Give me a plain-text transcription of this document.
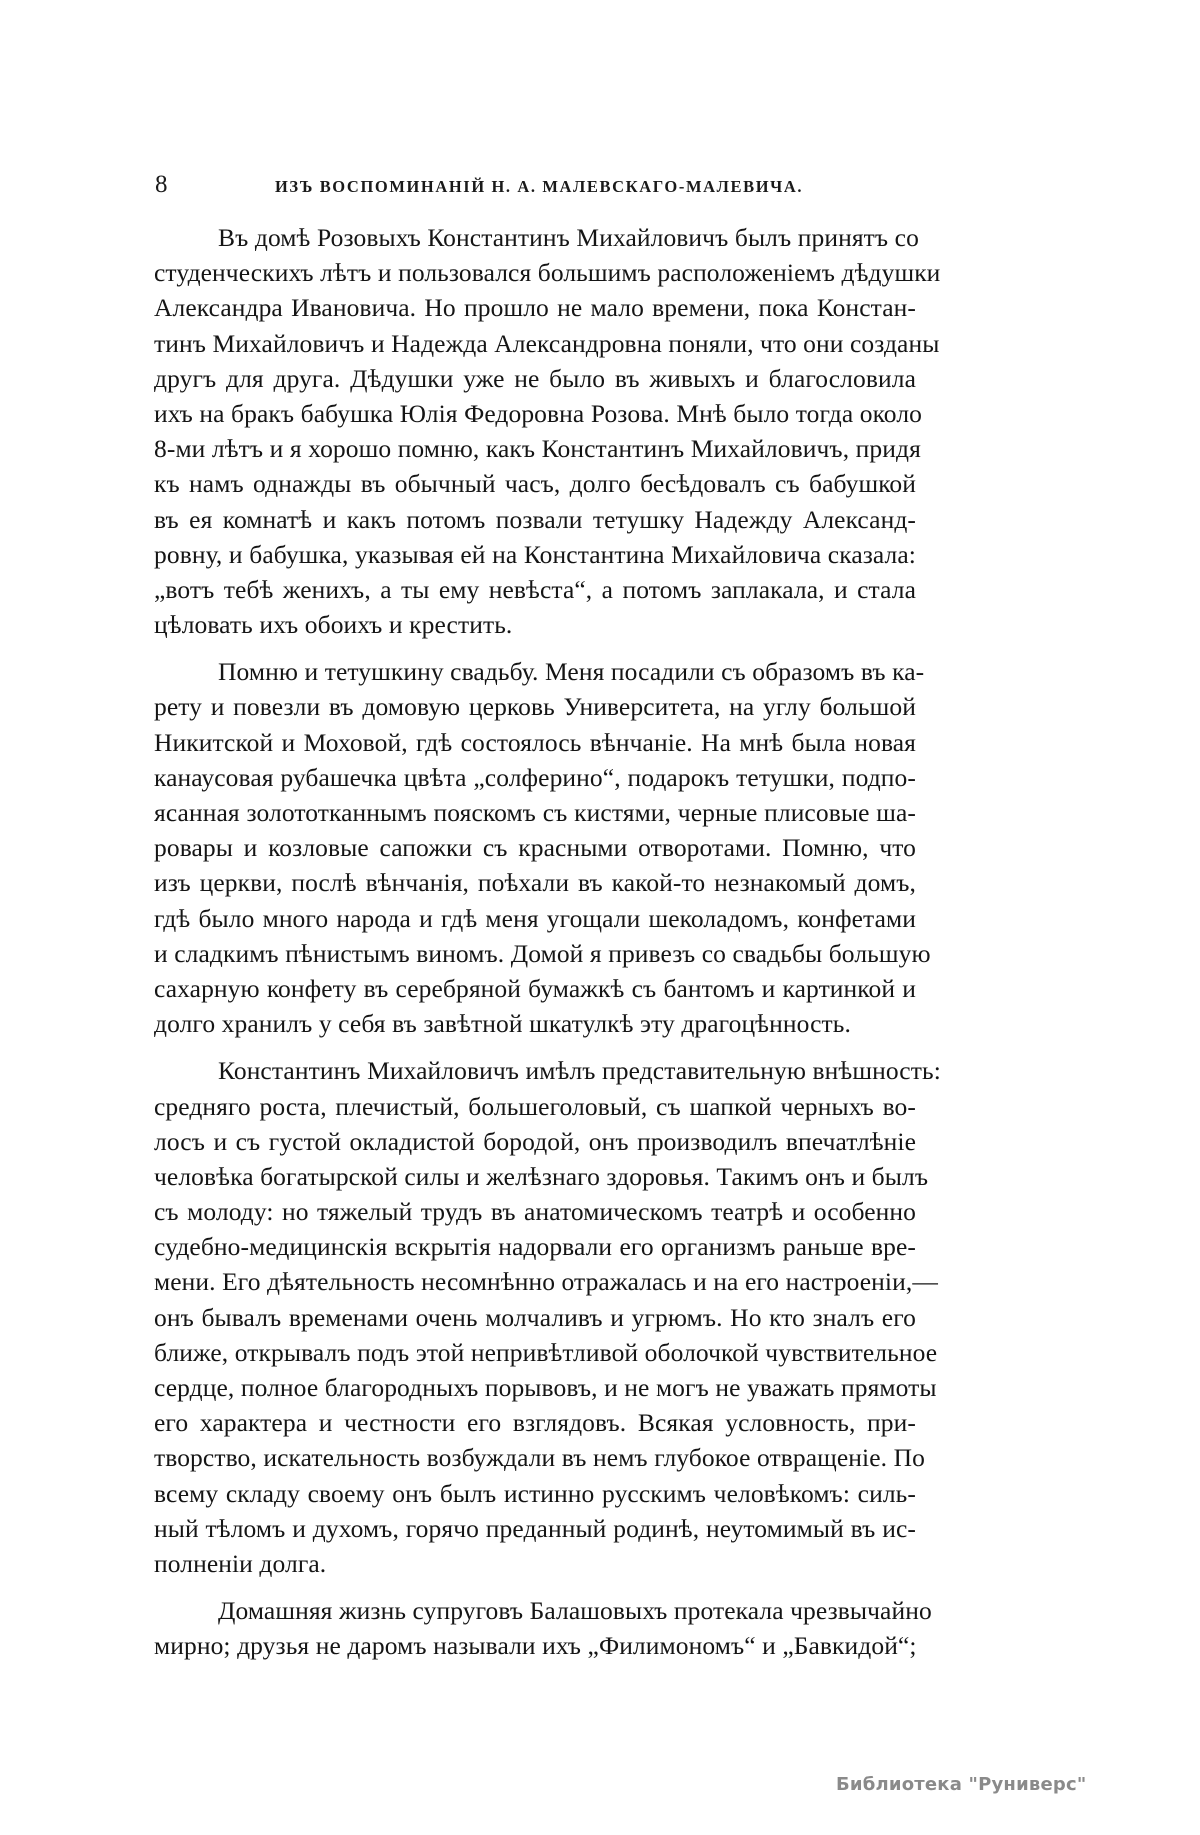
8	ИЗЪ ВОСПОМИНАНІЙ Н. А. МАЛЕВСКАГО-МАЛЕВИЧА.
Въ домѣ Розовыхъ Константинъ Михайловичъ былъ принятъ со
студенческихъ лѣтъ и пользовался большимъ расположеніемъ дѣдушки
Александра Ивановича. Но прошло не мало времени, пока Констан-
тинъ Михайловичъ и Надежда Александровна поняли, что они созданы
другъ для друга. Дѣдушки уже не было въ живыхъ и благословила
ихъ на бракъ бабушка Юлія Федоровна Розова. Мнѣ было тогда около
8-ми лѣтъ и я хорошо помню, какъ Константинъ Михайловичъ, придя
къ намъ однажды въ обычный часъ, долго бесѣдовалъ съ бабушкой
въ ея комнатѣ и какъ потомъ позвали тетушку Надежду Александ-
ровну, и бабушка, указывая ей на Константина Михайловича сказала:
„вотъ тебѣ женихъ, а ты ему невѣста“, а потомъ заплакала, и стала
цѣловать ихъ обоихъ и крестить.
Помню и тетушкину свадьбу. Меня посадили съ образомъ въ ка-
рету и повезли въ домовую церковь Университета, на углу большой
Никитской и Моховой, гдѣ состоялось вѣнчаніе. На мнѣ была новая
канаусовая рубашечка цвѣта „солферино“, подарокъ тетушки, подпо-
ясанная золототканнымъ пояскомъ съ кистями, черные плисовые ша-
ровары и козловые сапожки съ красными отворотами. Помню, что
изъ церкви, послѣ вѣнчанія, поѣхали въ какой-то незнакомый домъ,
гдѣ было много народа и гдѣ меня угощали шеколадомъ, конфетами
и сладкимъ пѣнистымъ виномъ. Домой я привезъ со свадьбы большую
сахарную конфету въ серебряной бумажкѣ съ бантомъ и картинкой и
долго хранилъ у себя въ завѣтной шкатулкѣ эту драгоцѣнность.
Константинъ Михайловичъ имѣлъ представительную внѣшность:
средняго роста, плечистый, большеголовый, съ шапкой черныхъ во-
лосъ и съ густой окладистой бородой, онъ производилъ впечатлѣніе
человѣка богатырской силы и желѣзнаго здоровья. Такимъ онъ и былъ
съ молоду: но тяжелый трудъ въ анатомическомъ театрѣ и особенно
судебно-медицинскія вскрытія надорвали его организмъ раньше вре-
мени. Его дѣятельность несомнѣнно отражалась и на его настроеніи,—
онъ бывалъ временами очень молчаливъ и угрюмъ. Но кто зналъ его
ближе, открывалъ подъ этой непривѣтливой оболочкой чувствительное
сердце, полное благородныхъ порывовъ, и не могъ не уважать прямоты
его характера и честности его взглядовъ. Всякая условность, при-
творство, искательность возбуждали въ немъ глубокое отвращеніе. По
всему складу своему онъ былъ истинно русскимъ человѣкомъ: силь-
ный тѣломъ и духомъ, горячо преданный родинѣ, неутомимый въ ис-
полненіи долга.
Домашняя жизнь супруговъ Балашовыхъ протекала чрезвычайно
мирно; друзья не даромъ называли ихъ „Филимономъ“ и „Бавкидой“;
Библиотека "Руниверс"
